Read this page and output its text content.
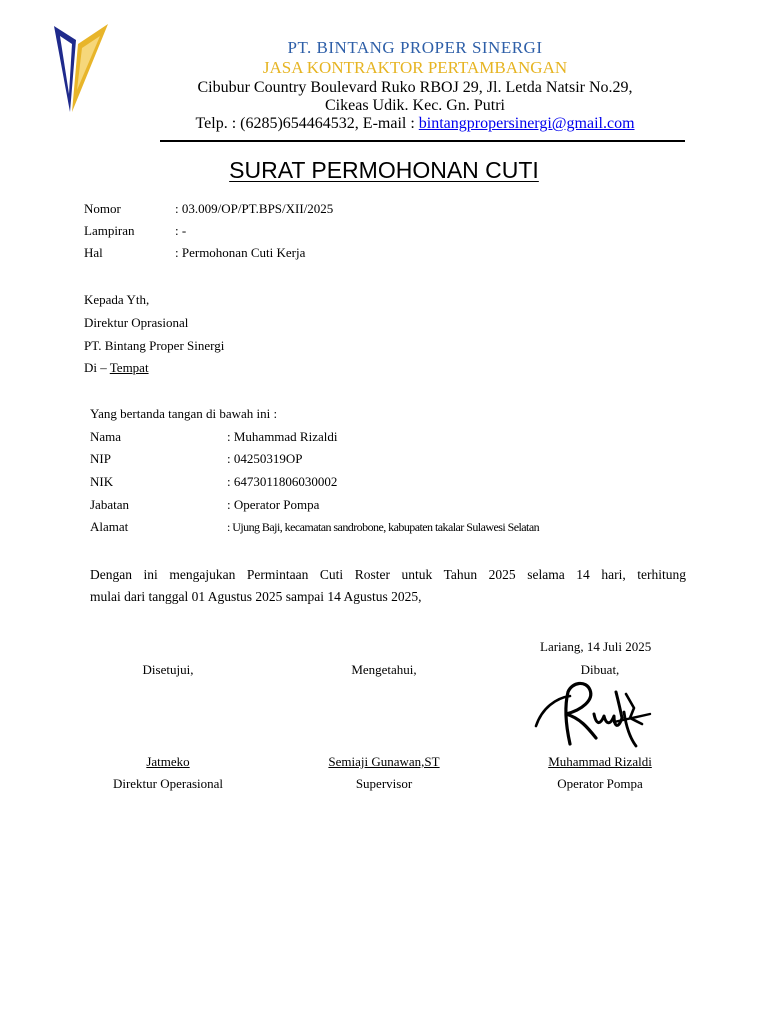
PT. BINTANG PROPER SINERGI
JASA KONTRAKTOR PERTAMBANGAN
Cibubur Country Boulevard Ruko RBOJ 29, Jl. Letda Natsir No.29,
Cikeas Udik. Kec. Gn. Putri
Telp. : (6285)654464532, E-mail : bintangpropersinergi@gmail.com
SURAT PERMOHONAN CUTI
Nomor	: 03.009/OP/PT.BPS/XII/2025
Lampiran	: -
Hal	: Permohonan Cuti Kerja
Kepada Yth,
Direktur Oprasional
PT. Bintang Proper Sinergi
Di – Tempat
Yang bertanda tangan di bawah ini :
Nama	: Muhammad Rizaldi
NIP	: 04250319OP
NIK	: 6473011806030002
Jabatan	: Operator Pompa
Alamat	: Ujung Baji, kecamatan sandrobone, kabupaten takalar Sulawesi Selatan
Dengan ini mengajukan Permintaan Cuti Roster untuk Tahun 2025 selama 14 hari, terhitung
mulai dari tanggal 01 Agustus 2025 sampai 14 Agustus 2025,
Lariang, 14 Juli 2025
Disetujui,
Jatmeko
Direktur Operasional
Mengetahui,
Semiaji Gunawan,ST
Supervisor
Dibuat,
Muhammad Rizaldi
Operator Pompa
